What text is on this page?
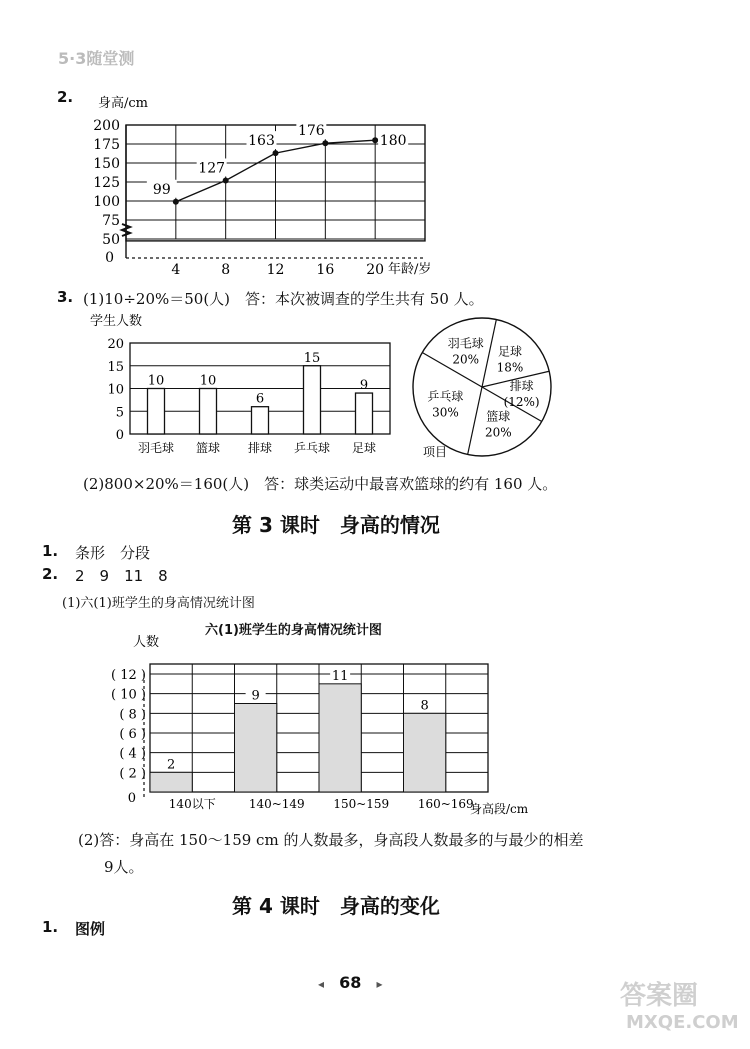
5·3随堂测
2.
50
75
100
125
150
175
200
0
4	8	12 16 20
99
127
163
176
180
身高/cm
年龄/岁
3. (1)10÷20%＝50(人)　答：本次被调查的学生共有 50 人。
0
5
10
15
20
10
羽毛球
10
篮球
6
排球
15
乒乓球
9
足球
学生人数
项目
足球
18%
排球
(12%)
篮球
20%
乒乓球
30%
羽毛球
20%
(2)800×20%＝160(人)　答：球类运动中最喜欢篮球的约有 160 人。
第 3 课时　身高的情况
1. 条形　分段
2. 2　9　11　8
(1)六(1)班学生的身高情况统计图
六(1)班学生的身高情况统计图
0
( 2 )
( 4 )
( 6 )
( 8 )
( 10 )
( 12 )
2
140以下
9
140~149
11
150~159
8
160~169
人数
身高段/cm
(2)答：身高在 150～159 cm 的人数最多，身高段人数最多的与最少的相差
9人。
第 4 课时　身高的变化
1. 图例
◂ 68 ▸	答案圈
MXQE.COM
